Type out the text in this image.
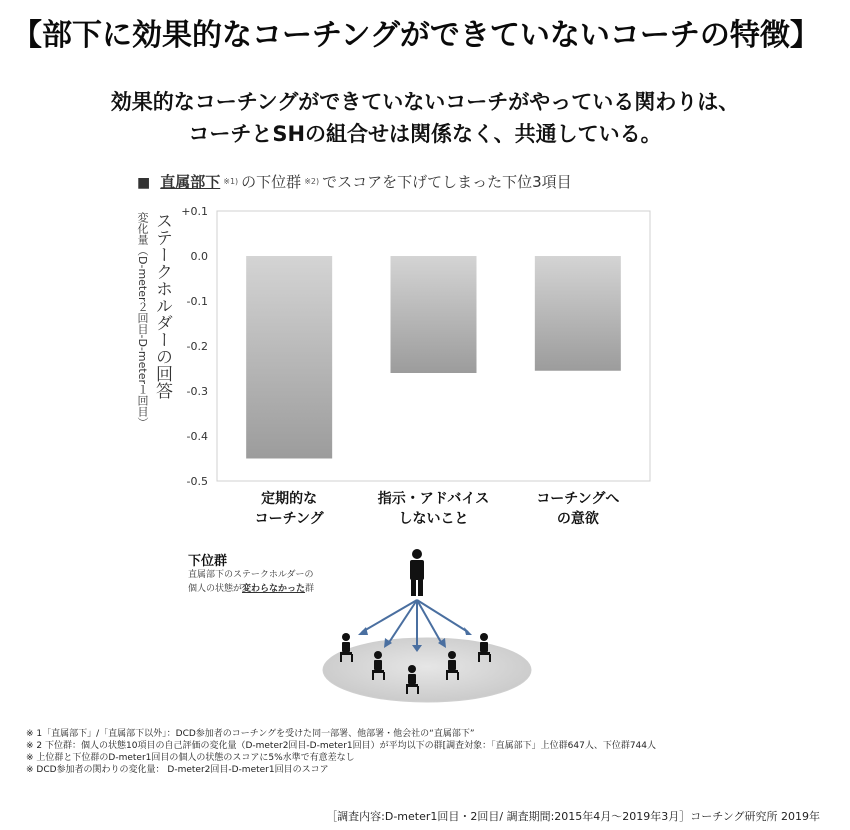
【部下に効果的なコーチングができていないコーチの特徴】
効果的なコーチングができていないコーチがやっている関わりは、
コーチとSHの組合せは関係なく、共通している。
■ 直属部下 $^{※1)}$ の下位群 $^{※2)}$ でスコアを下げてしまった下位3項目
ステークホルダーの回答
変化量（D-meter２回目-D-meter１回目）
+0.1
0.0
-0.1
-0.2
-0.3
-0.4
-0.5
定期的なコーチング
指示・アドバイスしないこと
コーチングへの意欲
下位群
直属部下のステークホルダーの
個人の状態が変わらなかった群
※ 1「直属部下」/「直属部下以外」：DCD参加者のコーチングを受けた同一部署、他部署・他会社の“直属部下”
※ 2 下位群：個人の状態10項目の自己評価の変化量（D-meter2回目-D-meter1回目）が平均以下の群[調査対象：「直属部下」上位群647人、下位群744人
※ 上位群と下位群のD-meter1回目の個人の状態のスコアに5%水準で有意差なし
※ DCD参加者の関わりの変化量： D-meter2回目-D-meter1回目のスコア
［調査内容:D-meter1回目・2回目/ 調査期間:2015年4月～2019年3月］コーチング研究所 2019年
